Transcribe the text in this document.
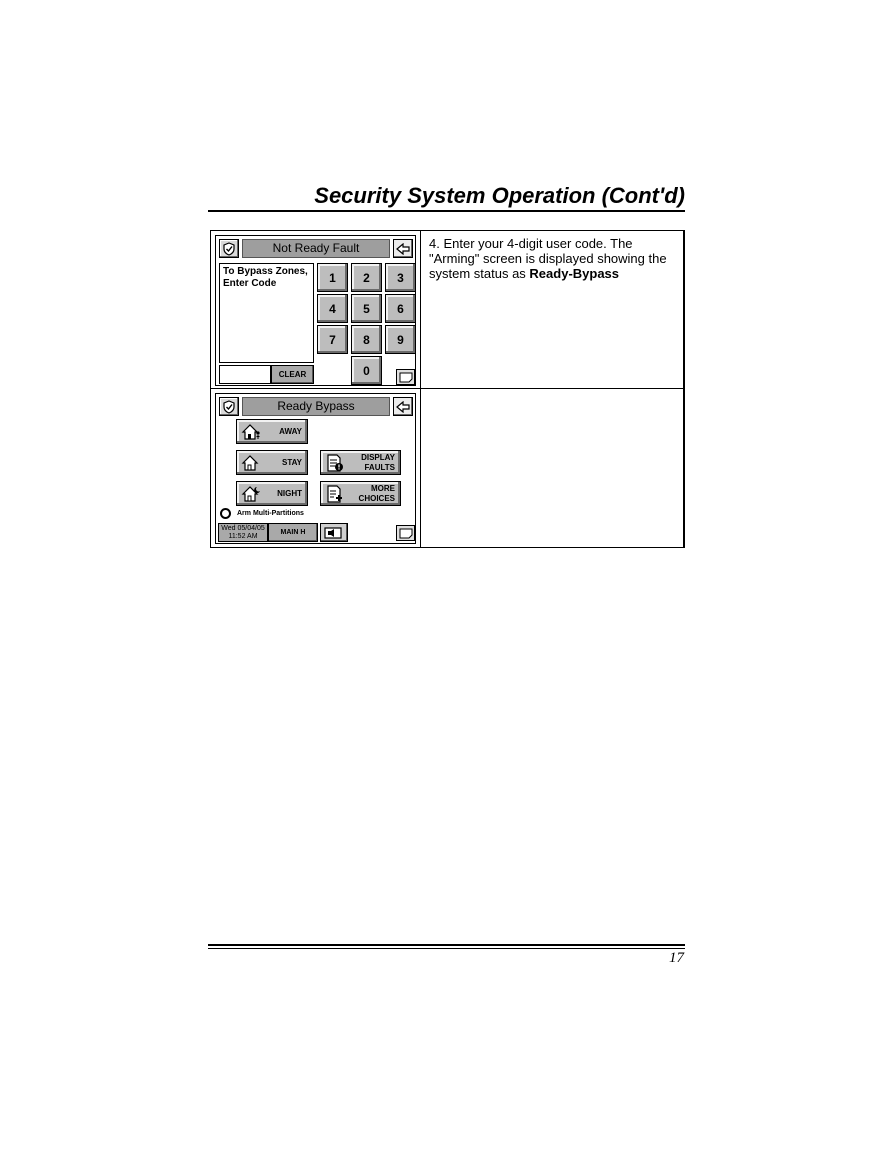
Security System Operation (Cont'd)
Not Ready Fault
To Bypass Zones, Enter Code	1	2	3
4	5	6
7	8	9
0
CLEAR
4. Enter your 4-digit user code. The "Arming" screen is displayed showing the system status as Ready-Bypass
Ready Bypass
AWAY
STAY
DISPLAY
FAULTS
NIGHT
MORE
CHOICES
Arm Multi-Partitions
Wed 05/04/05
11:52 AM
MAIN H
17
